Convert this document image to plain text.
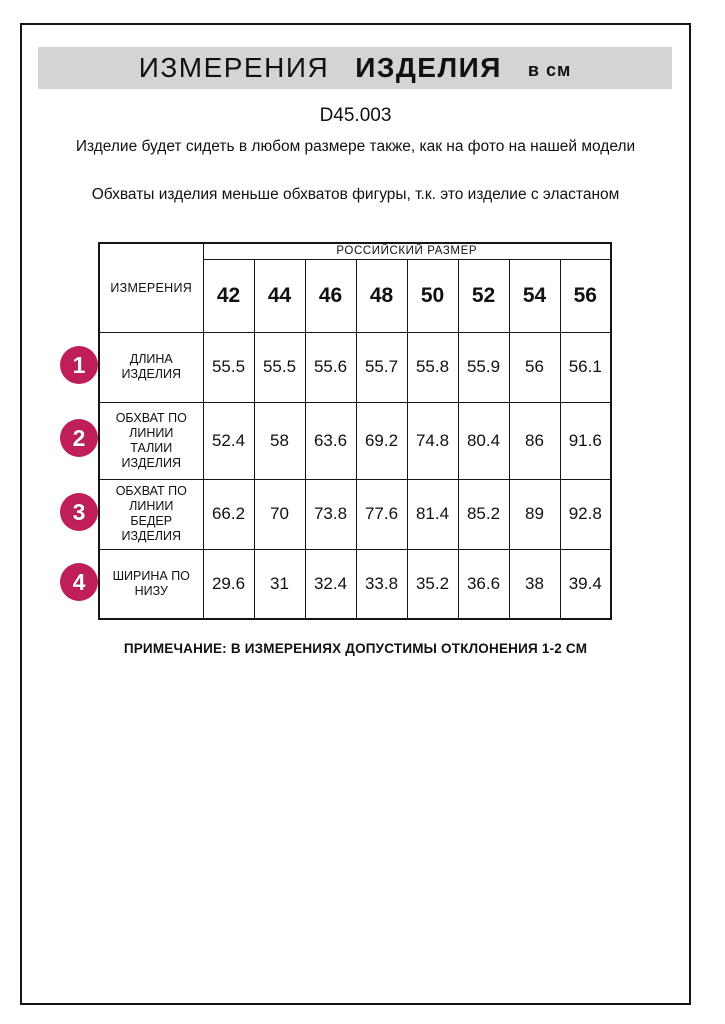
ИЗМЕРЕНИЯ ИЗДЕЛИЯ в см
D45.003
Изделие будет сидеть в любом размере также, как на фото на нашей модели
Обхваты изделия меньше обхватов фигуры, т.к. это изделие с эластаном
ИЗМЕРЕНИЯ	РОССИЙСКИЙ РАЗМЕР							
	42	44	46	48	50	52	54	56
ДЛИНА ИЗДЕЛИЯ	55.5	55.5	55.6	55.7	55.8	55.9	56	56.1
ОБХВАТ ПО ЛИНИИ ТАЛИИ ИЗДЕЛИЯ	52.4	58	63.6	69.2	74.8	80.4	86	91.6
ОБХВАТ ПО ЛИНИИ БЕДЕР ИЗДЕЛИЯ	66.2	70	73.8	77.6	81.4	85.2	89	92.8
ШИРИНА ПО НИЗУ	29.6	31	32.4	33.8	35.2	36.6	38	39.4
1
2
3
4
ПРИМЕЧАНИЕ: В ИЗМЕРЕНИЯХ ДОПУСТИМЫ ОТКЛОНЕНИЯ 1-2 СМ
